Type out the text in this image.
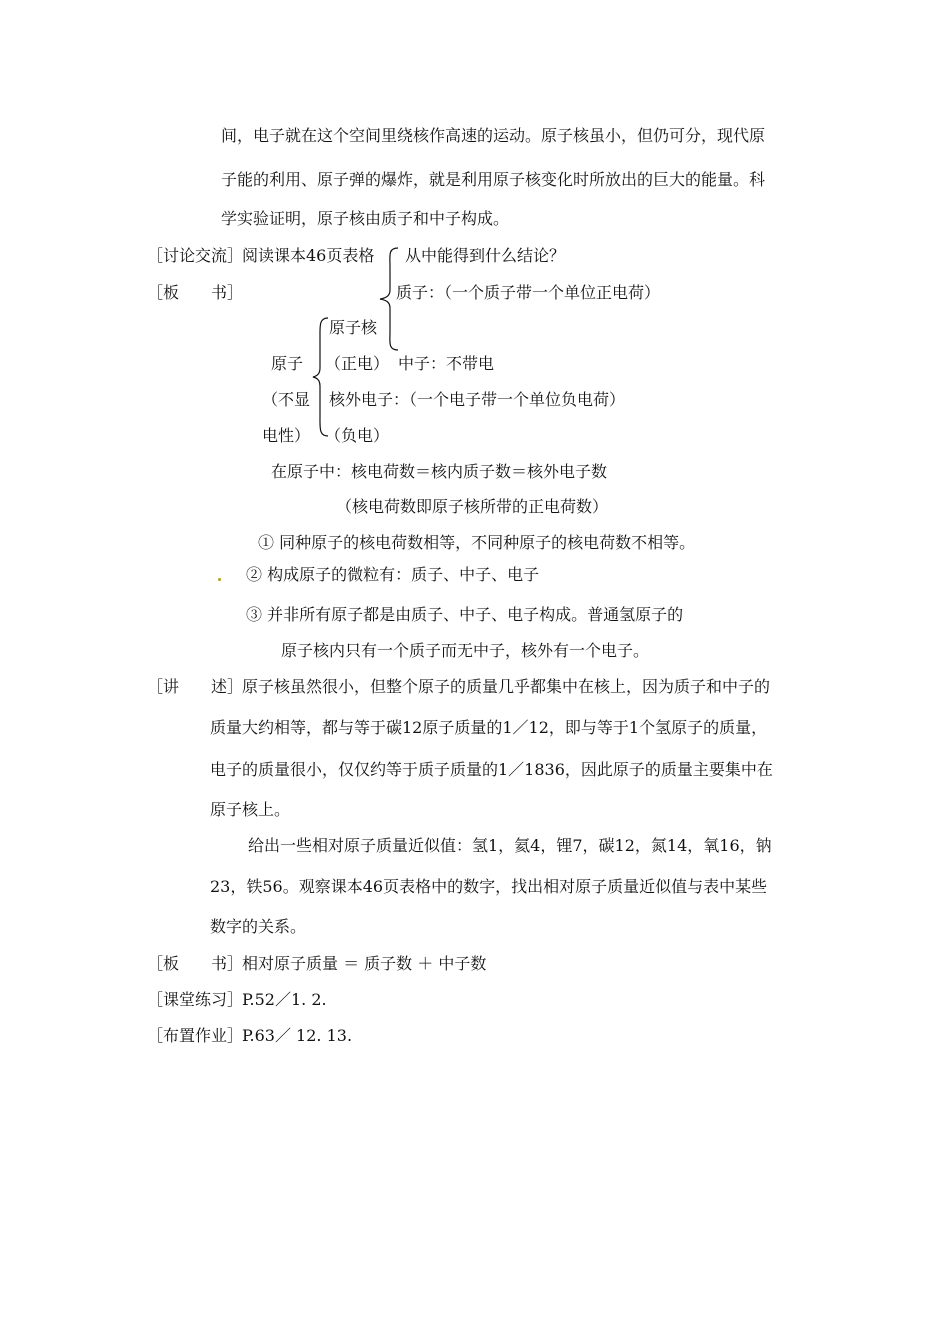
间，电子就在这个空间里绕核作高速的运动。原子核虽小，但仍可分，现代原
子能的利用、原子弹的爆炸，就是利用原子核变化时所放出的巨大的能量。科
学实验证明，原子核由质子和中子构成。
［讨论交流］
阅读课本46页表格 从中能得到什么结论？
［板　　书］	质子：（一个质子带一个单位正电荷）
原子核
原子 （正电） 中子：不带电
（不显 核外电子：（一个电子带一个单位负电荷）
电性） （负电）
在原子中：核电荷数＝核内质子数＝核外电子数
（核电荷数即原子核所带的正电荷数）
① 同种原子的核电荷数相等，不同种原子的核电荷数不相等。
② 构成原子的微粒有：质子、中子、电子
③ 并非所有原子都是由质子、中子、电子构成。普通氢原子的
原子核内只有一个质子而无中子，核外有一个电子。
［讲　　述］
原子核虽然很小，但整个原子的质量几乎都集中在核上，因为质子和中子的
质量大约相等，都与等于碳12原子质量的1／12，即与等于1个氢原子的质量，
电子的质量很小，仅仅约等于质子质量的1／1836，因此原子的质量主要集中在
原子核上。
给出一些相对原子质量近似值：氢1，氦4，锂7，碳12，氮14，氧16，钠
23，铁56。观察课本46页表格中的数字，找出相对原子质量近似值与表中某些
数字的关系。
［板　　书］
相对原子质量 ＝ 质子数 ＋ 中子数
［课堂练习］
P.52／1. 2.
［布置作业］
P.63／ 12. 13.
